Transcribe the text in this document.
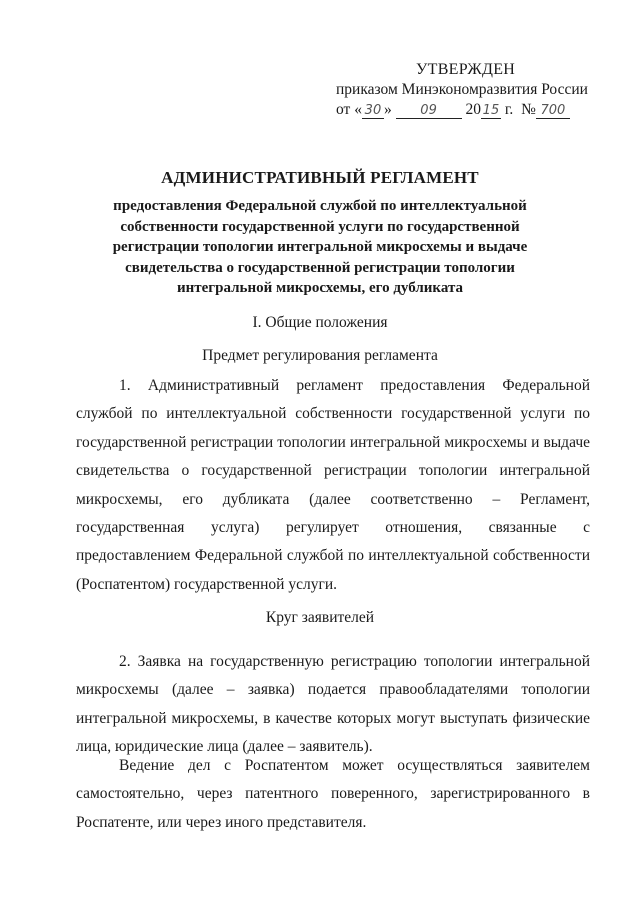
УТВЕРЖДЕН
приказом Минэкономразвития России
от « 30 » 09 20 15 г. № 700
АДМИНИСТРАТИВНЫЙ РЕГЛАМЕНТ
предоставления Федеральной службой по интеллектуальной собственности государственной услуги по государственной регистрации топологии интегральной микросхемы и выдаче свидетельства о государственной регистрации топологии интегральной микросхемы, его дубликата
I. Общие положения
Предмет регулирования регламента

1. Административный регламент предоставления Федеральной службой по интеллектуальной собственности государственной услуги по государственной регистрации топологии интегральной микросхемы и выдаче свидетельства о государственной регистрации топологии интегральной микросхемы, его дубликата (далее соответственно – Регламент, государственная услуга) регулирует отношения, связанные с предоставлением Федеральной службой по интеллектуальной собственности (Роспатентом) государственной услуги.

Круг заявителей

2. Заявка на государственную регистрацию топологии интегральной микросхемы (далее – заявка) подается правообладателями топологии интегральной микросхемы, в качестве которых могут выступать физические лица, юридические лица (далее – заявитель).

Ведение дел с Роспатентом может осуществляться заявителем самостоятельно, через патентного поверенного, зарегистрированного в Роспатенте, или через иного представителя.
